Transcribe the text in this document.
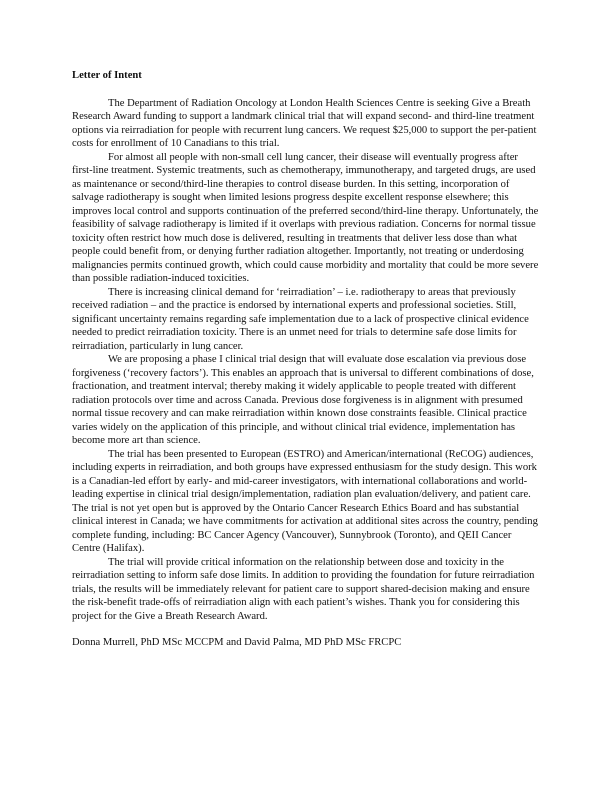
Letter of Intent

The Department of Radiation Oncology at London Health Sciences Centre is seeking Give a Breath Research Award funding to support a landmark clinical trial that will expand second- and third-line treatment options via reirradiation for people with recurrent lung cancers. We request $25,000 to support the per-patient costs for enrollment of 10 Canadians to this trial.

For almost all people with non-small cell lung cancer, their disease will eventually progress after first-line treatment. Systemic treatments, such as chemotherapy, immunotherapy, and targeted drugs, are used as maintenance or second/third-line therapies to control disease burden. In this setting, incorporation of salvage radiotherapy is sought when limited lesions progress despite excellent response elsewhere; this improves local control and supports continuation of the preferred second/third-line therapy. Unfortunately, the feasibility of salvage radiotherapy is limited if it overlaps with previous radiation. Concerns for normal tissue toxicity often restrict how much dose is delivered, resulting in treatments that deliver less dose than what people could benefit from, or denying further radiation altogether. Importantly, not treating or underdosing malignancies permits continued growth, which could cause morbidity and mortality that could be more severe than possible radiation-induced toxicities.

There is increasing clinical demand for ‘reirradiation’ – i.e. radiotherapy to areas that previously received radiation – and the practice is endorsed by international experts and professional societies. Still, significant uncertainty remains regarding safe implementation due to a lack of prospective clinical evidence needed to predict reirradiation toxicity. There is an unmet need for trials to determine safe dose limits for reirradiation, particularly in lung cancer.

We are proposing a phase I clinical trial design that will evaluate dose escalation via previous dose forgiveness (‘recovery factors’). This enables an approach that is universal to different combinations of dose, fractionation, and treatment interval; thereby making it widely applicable to people treated with different radiation protocols over time and across Canada. Previous dose forgiveness is in alignment with presumed normal tissue recovery and can make reirradiation within known dose constraints feasible. Clinical practice varies widely on the application of this principle, and without clinical trial evidence, implementation has become more art than science.

The trial has been presented to European (ESTRO) and American/international (ReCOG) audiences, including experts in reirradiation, and both groups have expressed enthusiasm for the study design. This work is a Canadian-led effort by early- and mid-career investigators, with international collaborations and world-leading expertise in clinical trial design/implementation, radiation plan evaluation/delivery, and patient care. The trial is not yet open but is approved by the Ontario Cancer Research Ethics Board and has substantial clinical interest in Canada; we have commitments for activation at additional sites across the country, pending complete funding, including: BC Cancer Agency (Vancouver), Sunnybrook (Toronto), and QEII Cancer Centre (Halifax).

The trial will provide critical information on the relationship between dose and toxicity in the reirradiation setting to inform safe dose limits. In addition to providing the foundation for future reirradiation trials, the results will be immediately relevant for patient care to support shared-decision making and ensure the risk-benefit trade-offs of reirradiation align with each patient’s wishes. Thank you for considering this project for the Give a Breath Research Award.

Donna Murrell, PhD MSc MCCPM and David Palma, MD PhD MSc FRCPC
